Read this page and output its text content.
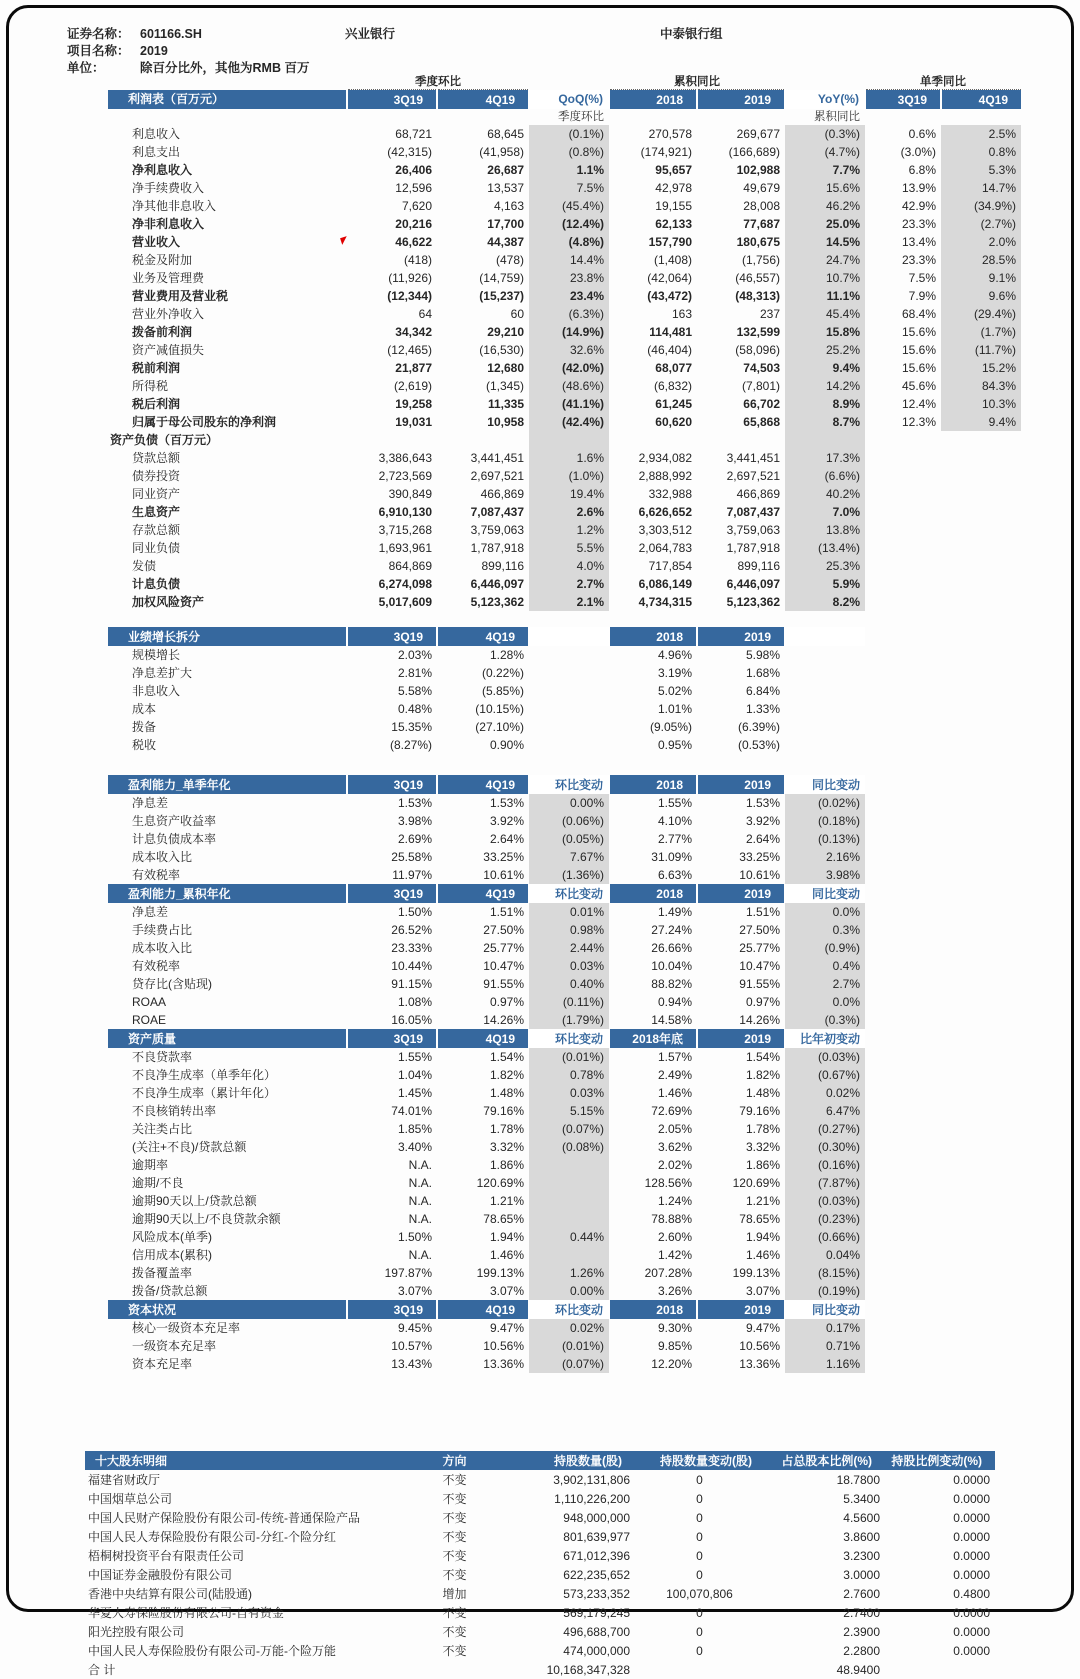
证券名称： 601166.SH	兴业银行	中泰银行组
项目名称： 2019
单位：	除百分比外，其他为RMB 百万
	季度环比			累积同比			单季同比	
利润表（百万元）	3Q19	4Q19	QoQ(%)	2018	2019	YoY(%)	3Q19	4Q19
			季度环比			累积同比		
利息收入	68,721	68,645	(0.1%)	270,578	269,677	(0.3%)	0.6%	2.5%
利息支出	(42,315)	(41,958)	(0.8%)	(174,921)	(166,689)	(4.7%)	(3.0%)	0.8%
净利息收入	26,406	26,687	1.1%	95,657	102,988	7.7%	6.8%	5.3%
净手续费收入	12,596	13,537	7.5%	42,978	49,679	15.6%	13.9%	14.7%
净其他非息收入	7,620	4,163	(45.4%)	19,155	28,008	46.2%	42.9%	(34.9%)
净非利息收入	20,216	17,700	(12.4%)	62,133	77,687	25.0%	23.3%	(2.7%)
营业收入	46,622	44,387	(4.8%)	157,790	180,675	14.5%	13.4%	2.0%
税金及附加	(418)	(478)	14.4%	(1,408)	(1,756)	24.7%	23.3%	28.5%
业务及管理费	(11,926)	(14,759)	23.8%	(42,064)	(46,557)	10.7%	7.5%	9.1%
营业费用及营业税	(12,344)	(15,237)	23.4%	(43,472)	(48,313)	11.1%	7.9%	9.6%
营业外净收入	64	60	(6.3%)	163	237	45.4%	68.4%	(29.4%)
拨备前利润	34,342	29,210	(14.9%)	114,481	132,599	15.8%	15.6%	(1.7%)
资产减值损失	(12,465)	(16,530)	32.6%	(46,404)	(58,096)	25.2%	15.6%	(11.7%)
税前利润	21,877	12,680	(42.0%)	68,077	74,503	9.4%	15.6%	15.2%
所得税	(2,619)	(1,345)	(48.6%)	(6,832)	(7,801)	14.2%	45.6%	84.3%
税后利润	19,258	11,335	(41.1%)	61,245	66,702	8.9%	12.4%	10.3%
归属于母公司股东的净利润	19,031	10,958	(42.4%)	60,620	65,868	8.7%	12.3%	9.4%
资产负债（百万元）								
贷款总额	3,386,643	3,441,451	1.6%	2,934,082	3,441,451	17.3%		
债券投资	2,723,569	2,697,521	(1.0%)	2,888,992	2,697,521	(6.6%)		
同业资产	390,849	466,869	19.4%	332,988	466,869	40.2%		
生息资产	6,910,130	7,087,437	2.6%	6,626,652	7,087,437	7.0%		
存款总额	3,715,268	3,759,063	1.2%	3,303,512	3,759,063	13.8%		
同业负债	1,693,961	1,787,918	5.5%	2,064,783	1,787,918	(13.4%)		
发债	864,869	899,116	4.0%	717,854	899,116	25.3%		
计息负债	6,274,098	6,446,097	2.7%	6,086,149	6,446,097	5.9%		
加权风险资产	5,017,609	5,123,362	2.1%	4,734,315	5,123,362	8.2%		
业绩增长拆分	3Q19	4Q19		2018	2019	
规模增长	2.03%	1.28%		4.96%	5.98%	
净息差扩大	2.81%	(0.22%)		3.19%	1.68%	
非息收入	5.58%	(5.85%)		5.02%	6.84%	
成本	0.48%	(10.15%)		1.01%	1.33%	
拨备	15.35%	(27.10%)		(9.05%)	(6.39%)	
税收	(8.27%)	0.90%		0.95%	(0.53%)	
盈利能力_单季年化	3Q19	4Q19	环比变动	2018	2019	同比变动
净息差	1.53%	1.53%	0.00%	1.55%	1.53%	(0.02%)
生息资产收益率	3.98%	3.92%	(0.06%)	4.10%	3.92%	(0.18%)
计息负债成本率	2.69%	2.64%	(0.05%)	2.77%	2.64%	(0.13%)
成本收入比	25.58%	33.25%	7.67%	31.09%	33.25%	2.16%
有效税率	11.97%	10.61%	(1.36%)	6.63%	10.61%	3.98%
盈利能力_累积年化	3Q19	4Q19	环比变动	2018	2019	同比变动
净息差	1.50%	1.51%	0.01%	1.49%	1.51%	0.0%
手续费占比	26.52%	27.50%	0.98%	27.24%	27.50%	0.3%
成本收入比	23.33%	25.77%	2.44%	26.66%	25.77%	(0.9%)
有效税率	10.44%	10.47%	0.03%	10.04%	10.47%	0.4%
贷存比(含贴现)	91.15%	91.55%	0.40%	88.82%	91.55%	2.7%
ROAA	1.08%	0.97%	(0.11%)	0.94%	0.97%	0.0%
ROAE	16.05%	14.26%	(1.79%)	14.58%	14.26%	(0.3%)
资产质量	3Q19	4Q19	环比变动	2018年底	2019	比年初变动
不良贷款率	1.55%	1.54%	(0.01%)	1.57%	1.54%	(0.03%)
不良净生成率（单季年化）	1.04%	1.82%	0.78%	2.49%	1.82%	(0.67%)
不良净生成率（累计年化）	1.45%	1.48%	0.03%	1.46%	1.48%	0.02%
不良核销转出率	74.01%	79.16%	5.15%	72.69%	79.16%	6.47%
关注类占比	1.85%	1.78%	(0.07%)	2.05%	1.78%	(0.27%)
(关注+不良)/贷款总额	3.40%	3.32%	(0.08%)	3.62%	3.32%	(0.30%)
逾期率	N.A.	1.86%		2.02%	1.86%	(0.16%)
逾期/不良	N.A.	120.69%		128.56%	120.69%	(7.87%)
逾期90天以上/贷款总额	N.A.	1.21%		1.24%	1.21%	(0.03%)
逾期90天以上/不良贷款余额	N.A.	78.65%		78.88%	78.65%	(0.23%)
风险成本(单季)	1.50%	1.94%	0.44%	2.60%	1.94%	(0.66%)
信用成本(累积)	N.A.	1.46%		1.42%	1.46%	0.04%
拨备覆盖率	197.87%	199.13%	1.26%	207.28%	199.13%	(8.15%)
拨备/贷款总额	3.07%	3.07%	0.00%	3.26%	3.07%	(0.19%)
资本状况	3Q19	4Q19	环比变动	2018	2019	同比变动
核心一级资本充足率	9.45%	9.47%	0.02%	9.30%	9.47%	0.17%
一级资本充足率	10.57%	10.56%	(0.01%)	9.85%	10.56%	0.71%
资本充足率	13.43%	13.36%	(0.07%)	12.20%	13.36%	1.16%
十大股东明细	方向	持股数量(股)	持股数量变动(股)	占总股本比例(%)	持股比例变动(%)
福建省财政厅	不变	3,902,131,806	0	18.7800	0.0000
中国烟草总公司	不变	1,110,226,200	0	5.3400	0.0000
中国人民财产保险股份有限公司-传统-普通保险产品	不变	948,000,000	0	4.5600	0.0000
中国人民人寿保险股份有限公司-分红-个险分红	不变	801,639,977	0	3.8600	0.0000
梧桐树投资平台有限责任公司	不变	671,012,396	0	3.2300	0.0000
中国证券金融股份有限公司	不变	622,235,652	0	3.0000	0.0000
香港中央结算有限公司(陆股通)	增加	573,233,352	100,070,806	2.7600	0.4800
华夏人寿保险股份有限公司-自有资金	不变	569,179,245	0	2.7400	0.0000
阳光控股有限公司	不变	496,688,700	0	2.3900	0.0000
中国人民人寿保险股份有限公司-万能-个险万能	不变	474,000,000	0	2.2800	0.0000
合 计		10,168,347,328		48.9400	
